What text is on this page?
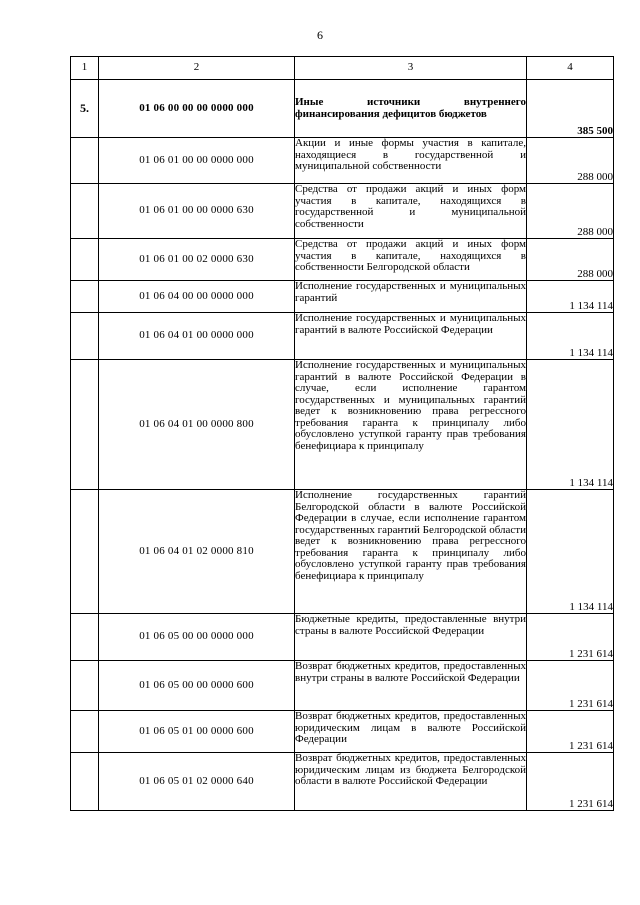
6
1	2	3	4
5.	01 06 00 00 00 0000 000	Иные источники внутреннего финансирования дефицитов бюджетов	385 500
	01 06 01 00 00 0000 000	Акции и иные формы участия в капитале, находящиеся в государственной и муниципальной собственности	288 000
	01 06 01 00 00 0000 630	Средства от продажи акций и иных форм участия в капитале, находящихся в государственной и муниципальной собственности	288 000
	01 06 01 00 02 0000 630	Средства от продажи акций и иных форм участия в капитале, находящихся в собственности Белгородской области	288 000
	01 06 04 00 00 0000 000	Исполнение государственных и муниципальных гарантий	1 134 114
	01 06 04 01 00 0000 000	Исполнение государственных и муниципальных гарантий в валюте Российской Федерации	1 134 114
	01 06 04 01 00 0000 800	Исполнение государственных и муниципальных гарантий в валюте Российской Федерации в случае, если исполнение гарантом государственных и муниципальных гарантий ведет к возникновению права регрессного требования гаранта к принципалу либо обусловлено уступкой гаранту прав требования бенефициара к принципалу	1 134 114
	01 06 04 01 02 0000 810	Исполнение государственных гарантий Белгородской области в валюте Российской Федерации в случае, если исполнение гарантом государственных гарантий Белгородской области ведет к возникновению права регрессного требования гаранта к принципалу либо обусловлено уступкой гаранту прав требования бенефициара к принципалу	1 134 114
	01 06 05 00 00 0000 000	Бюджетные кредиты, предоставленные внутри страны в валюте Российской Федерации	1 231 614
	01 06 05 00 00 0000 600	Возврат бюджетных кредитов, предоставленных внутри страны в валюте Российской Федерации	1 231 614
	01 06 05 01 00 0000 600	Возврат бюджетных кредитов, предоставленных юридическим лицам в валюте Российской Федерации	1 231 614
	01 06 05 01 02 0000 640	Возврат бюджетных кредитов, предоставленных юридическим лицам из бюджета Белгородской области в валюте Российской Федерации	1 231 614
